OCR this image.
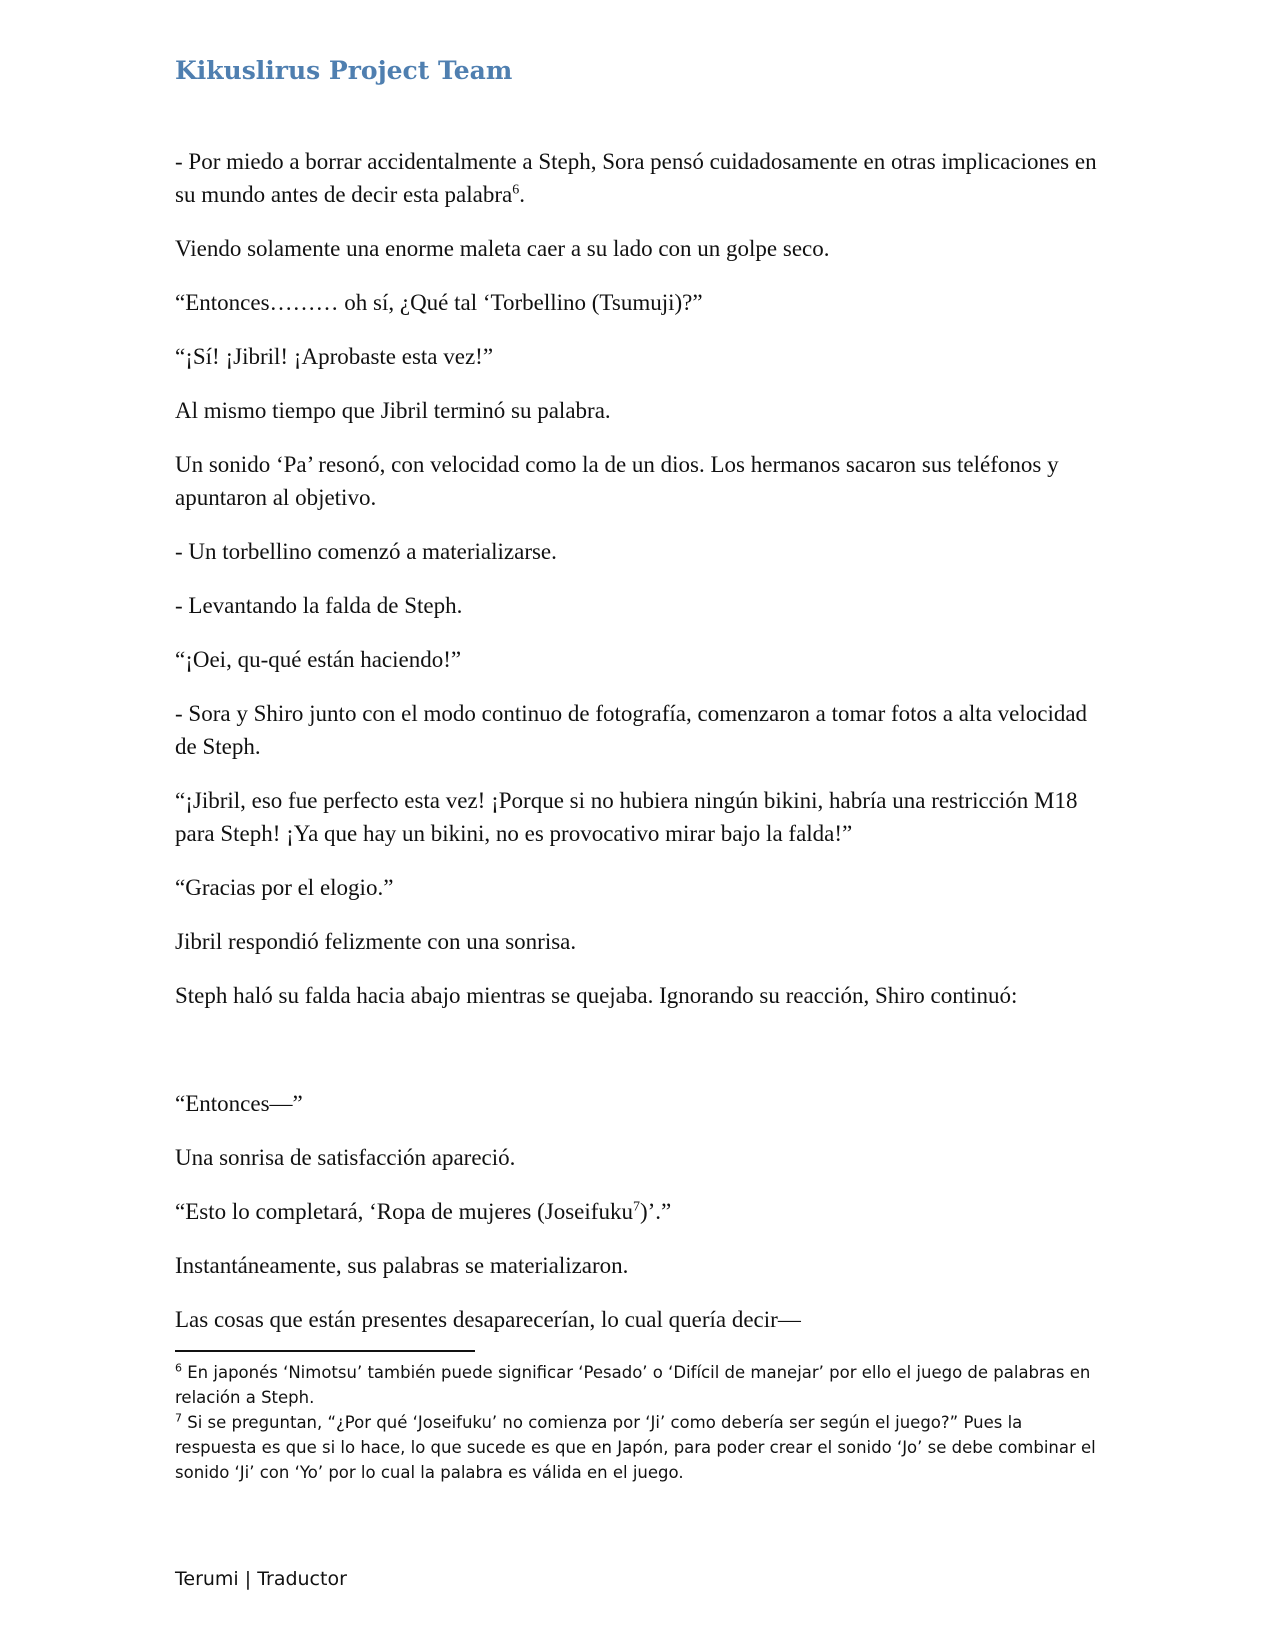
Kikuslirus Project Team

- Por miedo a borrar accidentalmente a Steph, Sora pensó cuidadosamente en otras implicaciones en su mundo antes de decir esta palabra$^6$.

Viendo solamente una enorme maleta caer a su lado con un golpe seco.

“Entonces……… oh sí, ¿Qué tal ‘Torbellino (Tsumuji)?”

“¡Sí! ¡Jibril! ¡Aprobaste esta vez!”

Al mismo tiempo que Jibril terminó su palabra.

Un sonido ‘Pa’ resonó, con velocidad como la de un dios. Los hermanos sacaron sus teléfonos y apuntaron al objetivo.

- Un torbellino comenzó a materializarse.

- Levantando la falda de Steph.

“¡Oei, qu-qué están haciendo!”

- Sora y Shiro junto con el modo continuo de fotografía, comenzaron a tomar fotos a alta velocidad de Steph.

“¡Jibril, eso fue perfecto esta vez! ¡Porque si no hubiera ningún bikini, habría una restricción M18 para Steph! ¡Ya que hay un bikini, no es provocativo mirar bajo la falda!”

“Gracias por el elogio.”

Jibril respondió felizmente con una sonrisa.

Steph haló su falda hacia abajo mientras se quejaba. Ignorando su reacción, Shiro continuó:

“Entonces—”

Una sonrisa de satisfacción apareció.

“Esto lo completará, ‘Ropa de mujeres (Joseifuku$^7$)’.”

Instantáneamente, sus palabras se materializaron.

Las cosas que están presentes desaparecerían, lo cual quería decir—

$^6$ En japonés ‘Nimotsu’ también puede significar ‘Pesado’ o ‘Difícil de manejar’ por ello el juego de palabras en relación a Steph.

$^7$ Si se preguntan, “¿Por qué ‘Joseifuku’ no comienza por ‘Ji’ como debería ser según el juego?” Pues la respuesta es que si lo hace, lo que sucede es que en Japón, para poder crear el sonido ‘Jo’ se debe combinar el sonido ‘Ji’ con ‘Yo’ por lo cual la palabra es válida en el juego.

Terumi | Traductor
